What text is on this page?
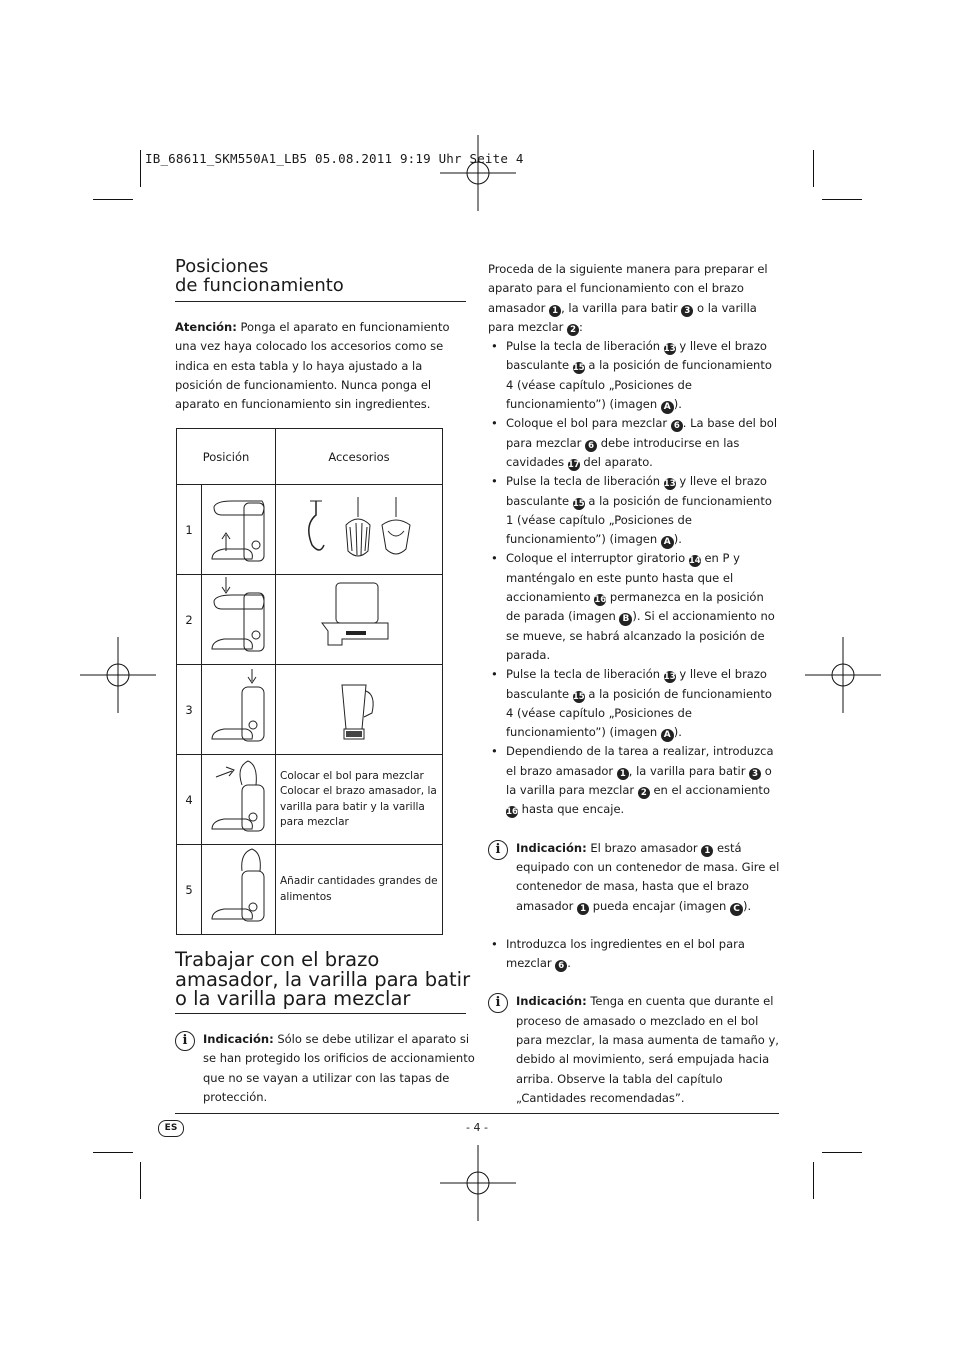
IB_68611_SKM550A1_LB5 05.08.2011 9:19 Uhr Seite 4
Posiciones
de funcionamiento
Atención: Ponga el aparato en funcionamiento una vez haya colocado los accesorios como se indica en esta tabla y lo haya ajustado a la posición de funcionamiento. Nunca ponga el aparato en funcionamiento sin ingredientes.
Posición		Accesorios
1		
2		
3		
4		Colocar el bol para mezclar Colocar el brazo amasador, la varilla para batir y la varilla para mezclar
5		Añadir cantidades grandes de alimentos
Trabajar con el brazo
amasador, la varilla para batir
o la varilla para mezclar
i	Indicación: Sólo se debe utilizar el aparato si se han protegido los orificios de accionamiento que no se vayan a utilizar con las tapas de protección.
Proceda de la siguiente manera para preparar el aparato para el funcionamiento con el brazo amasador 1 , la varilla para batir 3 o la varilla para mezclar 2 :
• Pulse la tecla de liberación 13 y lleve el brazo basculante 15 a la posición de funcionamiento 4 (véase capítulo „Posiciones de funcionamiento”) (imagen A ).
• Coloque el bol para mezclar 6 . La base del bol para mezclar 6 debe introducirse en las cavidades 17 del aparato.
• Pulse la tecla de liberación 13 y lleve el brazo basculante 15 a la posición de funcionamiento 1 (véase capítulo „Posiciones de funcionamiento”) (imagen A ).
• Coloque el interruptor giratorio 14 en P y manténgalo en este punto hasta que el accionamiento 16 permanezca en la posición de parada (imagen B ). Si el accionamiento no se mueve, se habrá alcanzado la posición de parada.
• Pulse la tecla de liberación 13 y lleve el brazo basculante 15 a la posición de funcionamiento 4 (véase capítulo „Posiciones de funcionamiento”) (imagen A ).
• Dependiendo de la tarea a realizar, introduzca el brazo amasador 1 , la varilla para batir 3 o la varilla para mezclar 2 en el accionamiento 16 hasta que encaje.
i	Indicación: El brazo amasador 1 está equipado con un contenedor de masa. Gire el contenedor de masa, hasta que el brazo amasador 1 pueda encajar (imagen C ).
• Introduzca los ingredientes en el bol para mezclar 6 .
i	Indicación: Tenga en cuenta que durante el proceso de amasado o mezclado en el bol para mezclar, la masa aumenta de tamaño y, debido al movimiento, será empujada hacia arriba. Observe la tabla del capítulo „Cantidades recomendadas”.
ES	- 4 -
